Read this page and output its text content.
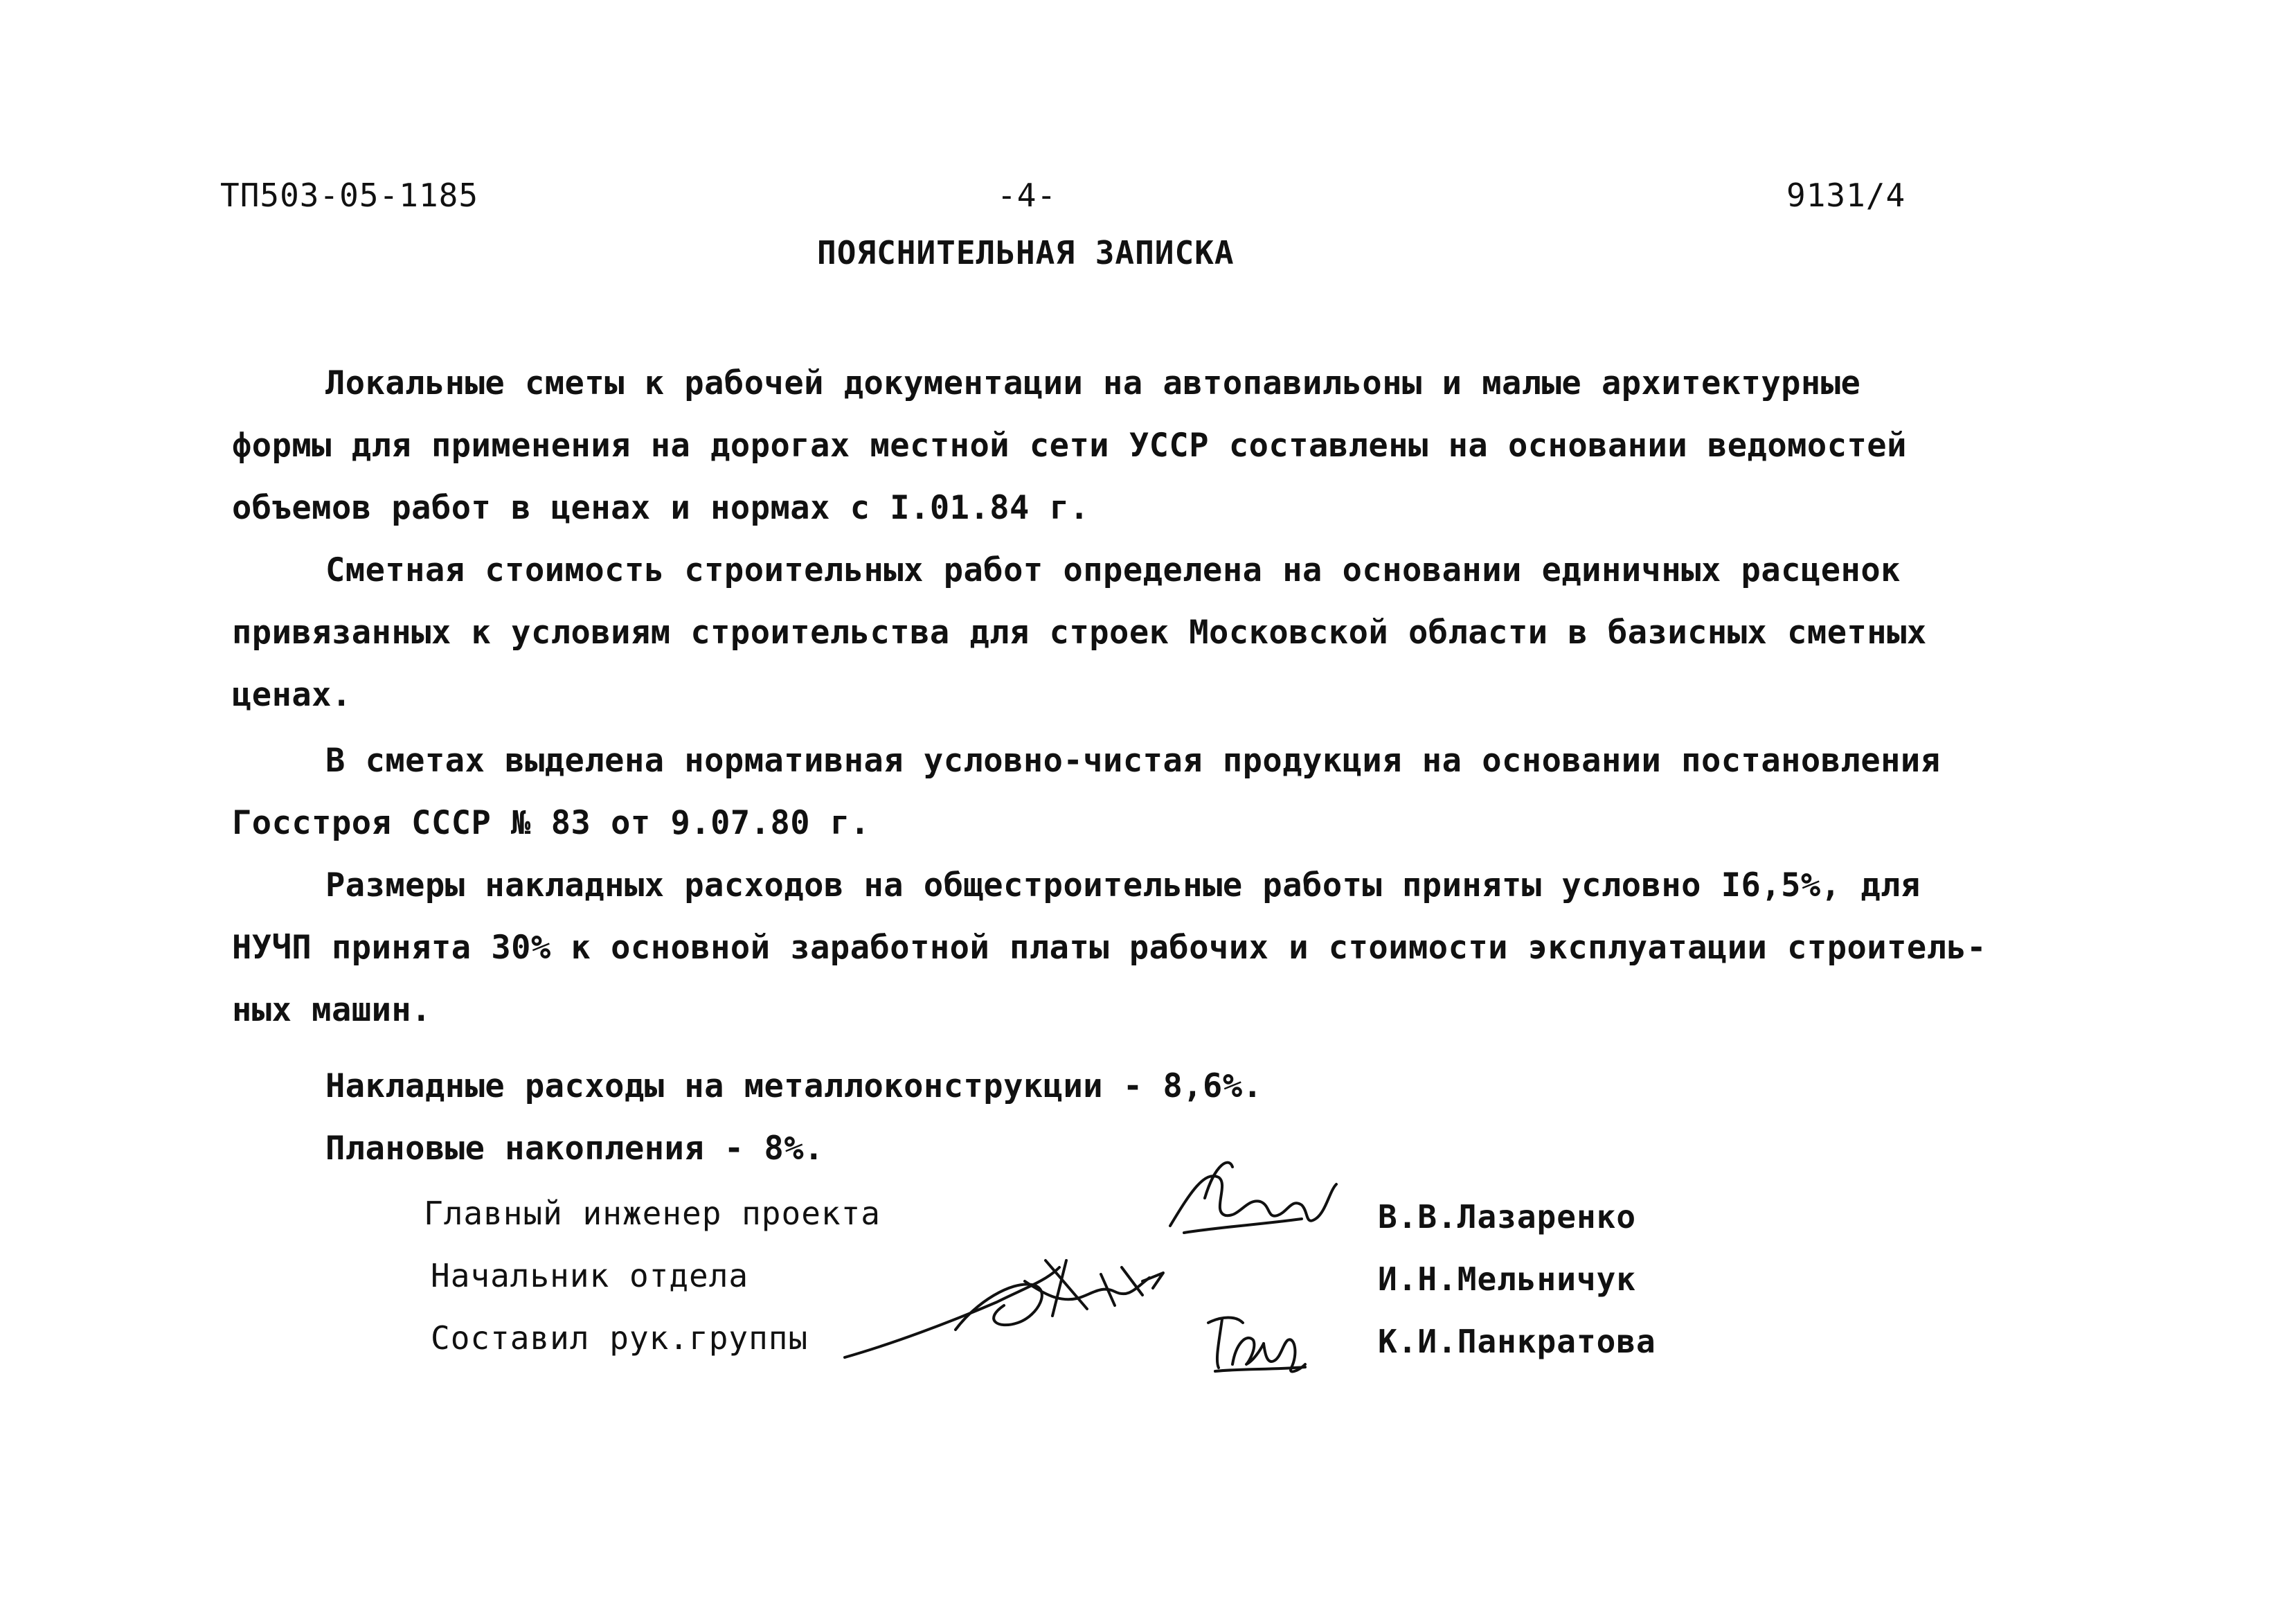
ТП503-05-1185	-4-	9131/4
ПОЯСНИТЕЛЬНАЯ ЗАПИСКА
Локальные сметы к рабочей документации на автопавильоны и малые архитектурные
формы для применения на дорогах местной сети УССР составлены на основании ведомостей
объемов работ в ценах и нормах с I.01.84 г.
Сметная стоимость строительных работ определена на основании единичных расценок
привязанных к условиям строительства для строек Московской области в базисных сметных
ценах.
В сметах выделена нормативная условно-чистая продукция на основании постановления
Госстроя СССР № 83 от 9.07.80 г.
Размеры накладных расходов на общестроительные работы приняты условно I6,5%, для
НУЧП принята 30% к основной заработной платы рабочих и стоимости эксплуатации строитель-
ных машин.
Накладные расходы на металлоконструкции - 8,6%.
Плановые накопления - 8%.
Главный инженер проекта
Начальник отдела
Составил рук.группы
В.В.Лазаренко
И.Н.Мельничук
К.И.Панкратова
